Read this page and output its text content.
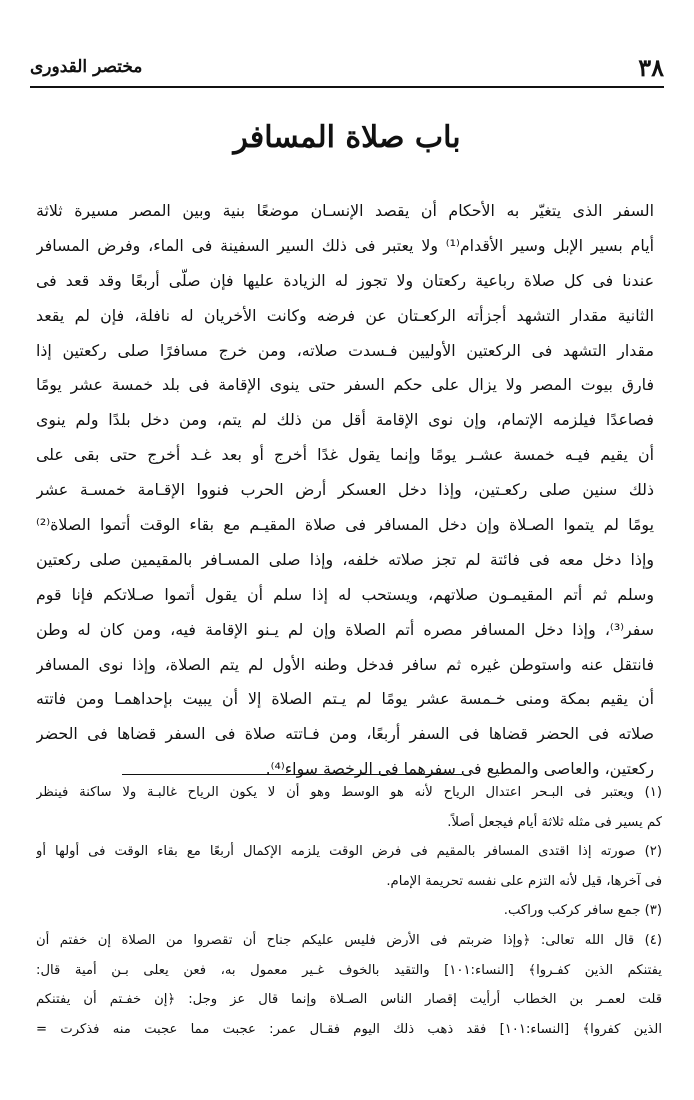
٣٨
مختصر القدورى
باب صلاة المسافر
السفر الذى يتغيّر به الأحكام أن يقصد الإنسـان موضعًا بنية وبين المصر مسيرة ثلاثة
أيام بسير الإبل وسير الأقدام⁽¹⁾ ولا يعتبر فى ذلك السير السفينة فى الماء، وفرض المسافر
عندنا فى كل صلاة رباعية ركعتان ولا تجوز له الزيادة عليها فإن صلّى أربعًا وقد قعد فى
الثانية مقدار التشهد أجزأته الركعـتان عن فرضه وكانت الأخريان له نافلة، فإن لم يقعد
مقدار التشهد فى الركعتين الأوليين فـسدت صلاته، ومن خرج مسافرًا صلى ركعتين إذا
فارق بيوت المصر ولا يزال على حكم السفر حتى ينوى الإقامة فى بلد خمسة عشر يومًا
فصاعدًا فيلزمه الإتمام، وإن نوى الإقامة أقل من ذلك لم يتم، ومن دخل بلدًا ولم ينوى
أن يقيم فيـه خمسة عشـر يومًا وإنما يقول غدًا أخرج أو بعد غـد أخرج حتى بقى على
ذلك سنين صلى ركعـتين، وإذا دخل العسكر أرض الحرب فنووا الإقـامة خمسـة عشر
يومًا لم يتموا الصـلاة وإن دخل المسافر فى صلاة المقيـم مع بقاء الوقت أتموا الصلاة⁽²⁾
وإذا دخل معه فى فائتة لم تجز صلاته خلفه، وإذا صلى المسـافر بالمقيمين صلى ركعتين
وسلم ثم أتم المقيمـون صلاتهم، ويستحب له إذا سلم أن يقول أتموا صـلاتكم فإنا قوم
سفر⁽³⁾، وإذا دخل المسافر مصره أتم الصلاة وإن لم يـنو الإقامة فيه، ومن كان له وطن
فانتقل عنه واستوطن غيره ثم سافر فدخل وطنه الأول لم يتم الصلاة، وإذا نوى المسافر
أن يقيم بمكة ومنى خـمسة عشر يومًا لم يـتم الصلاة إلا أن يبيت بإحداهمـا ومن فاتته
صلاته فى الحضر قضاها فى السفر أربعًا، ومن فـاتته صلاة فى السفر قضاها فى الحضر
ركعتين، والعاصى والمطيع فى سفرهما فى الرخصة سواء⁽⁴⁾.
(١) ويعتبر فى البـحر اعتدال الرياح لأنه هو الوسط وهو أن لا يكون الرياح غالبـة ولا ساكنة فينظر
كم يسير فى مثله ثلاثة أيام فيجعل أصلاً.
(٢) صورته إذا اقتدى المسافر بالمقيم فى فرض الوقت يلزمه الإكمال أربعًا مع بقاء الوقت فى أولها أو
فى آخرها، قيل لأنه التزم على نفسه تحريمة الإمام.
(٣) جمع سافر كركب وراكب.
(٤) قال الله تعالى: ﴿وإذا ضربتم فى الأرض فليس عليكم جناح أن تقصروا من الصلاة إن خفتم أن
يفتنكم الذين كفـروا﴾ [النساء:١٠١] والتقيد بالخوف غـير معمول به، فعن يعلى بـن أمية قال:
قلت لعمـر بن الخطاب أرأيت إقصار الناس الصـلاة وإنما قال عز وجل: ﴿إن خفـتم أن يفتنكم
الذين كفروا﴾ [النساء:١٠١] فقد ذهب ذلك اليوم فقـال عمر: عجبت مما عجبت منه فذكرت =
